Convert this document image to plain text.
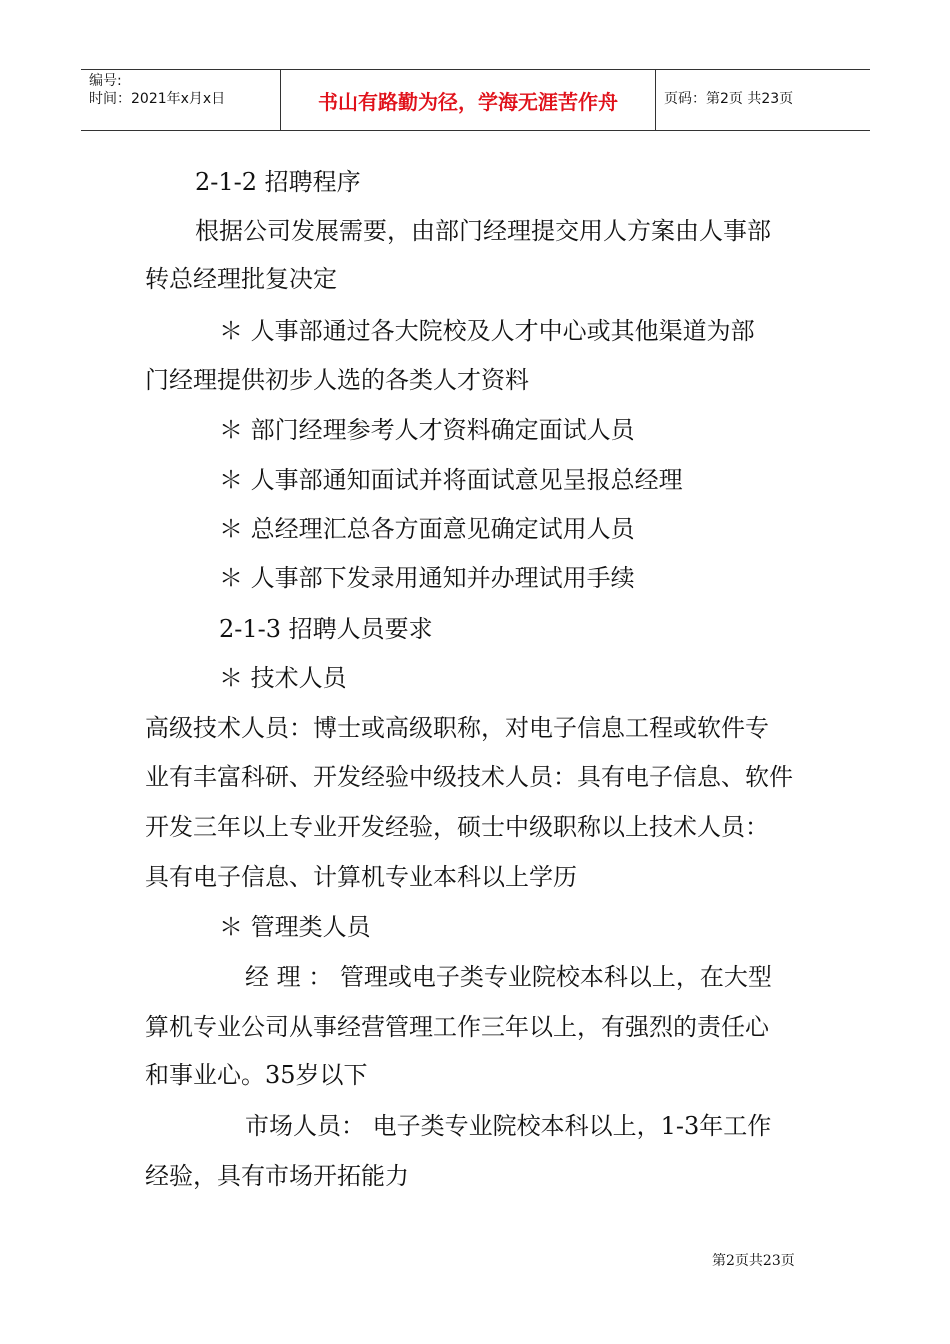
编号:
时间：2021年x月x日	书山有路勤为径，学海无涯苦作舟	页码：第2页 共23页
2-1-2 招聘程序
根据公司发展需要，由部门经理提交用人方案由人事部
转总经理批复决定
＊ 人事部通过各大院校及人才中心或其他渠道为部
门经理提供初步人选的各类人才资料
＊ 部门经理参考人才资料确定面试人员
＊ 人事部通知面试并将面试意见呈报总经理
＊ 总经理汇总各方面意见确定试用人员
＊ 人事部下发录用通知并办理试用手续
2-1-3 招聘人员要求
＊ 技术人员
高级技术人员：博士或高级职称，对电子信息工程或软件专
业有丰富科研、开发经验中级技术人员：具有电子信息、软件
开发三年以上专业开发经验，硕士中级职称以上技术人员：
具有电子信息、计算机专业本科以上学历
＊ 管理类人员
经 理 ： 管理或电子类专业院校本科以上，在大型
算机专业公司从事经营管理工作三年以上，有强烈的责任心
和事业心。35岁以下
市场人员： 电子类专业院校本科以上，1-3年工作
经验，具有市场开拓能力
第2页共23页
